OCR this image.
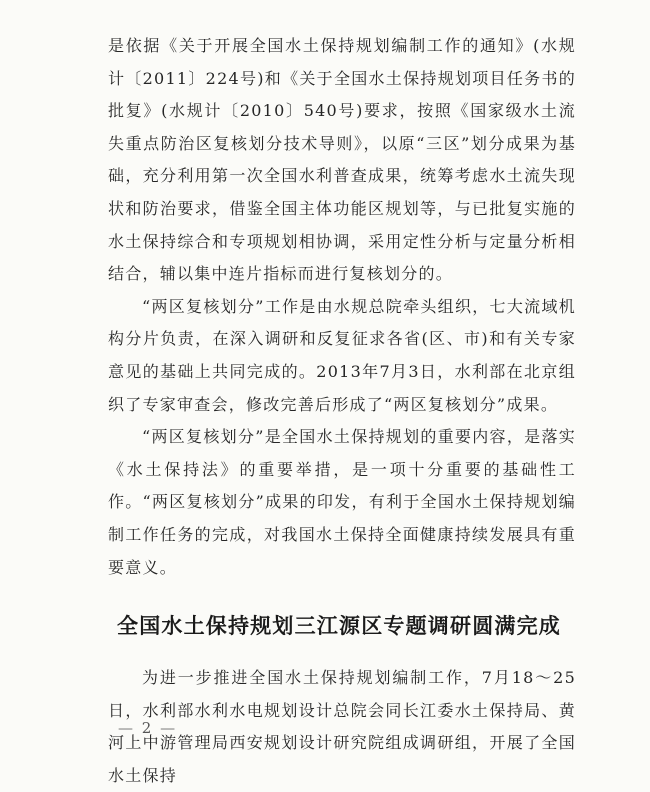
是依据《关于开展全国水土保持规划编制工作的通知》(水规计〔2011〕224号)和《关于全国水土保持规划项目任务书的批复》(水规计〔2010〕540号)要求，按照《国家级水土流失重点防治区复核划分技术导则》，以原“三区”划分成果为基础，充分利用第一次全国水利普查成果，统筹考虑水土流失现状和防治要求，借鉴全国主体功能区规划等，与已批复实施的水土保持综合和专项规划相协调，采用定性分析与定量分析相结合，辅以集中连片指标而进行复核划分的。

“两区复核划分”工作是由水规总院牵头组织，七大流域机构分片负责，在深入调研和反复征求各省(区、市)和有关专家意见的基础上共同完成的。2013年7月3日，水利部在北京组织了专家审查会，修改完善后形成了“两区复核划分”成果。

“两区复核划分”是全国水土保持规划的重要内容，是落实《水土保持法》的重要举措，是一项十分重要的基础性工作。“两区复核划分”成果的印发，有利于全国水土保持规划编制工作任务的完成，对我国水土保持全面健康持续发展具有重要意义。

全国水土保持规划三江源区专题调研圆满完成

为进一步推进全国水土保持规划编制工作，7月18～25日，水利部水利水电规划设计总院会同长江委水土保持局、黄河上中游管理局西安规划设计研究院组成调研组，开展了全国水土保持

— 2 —
